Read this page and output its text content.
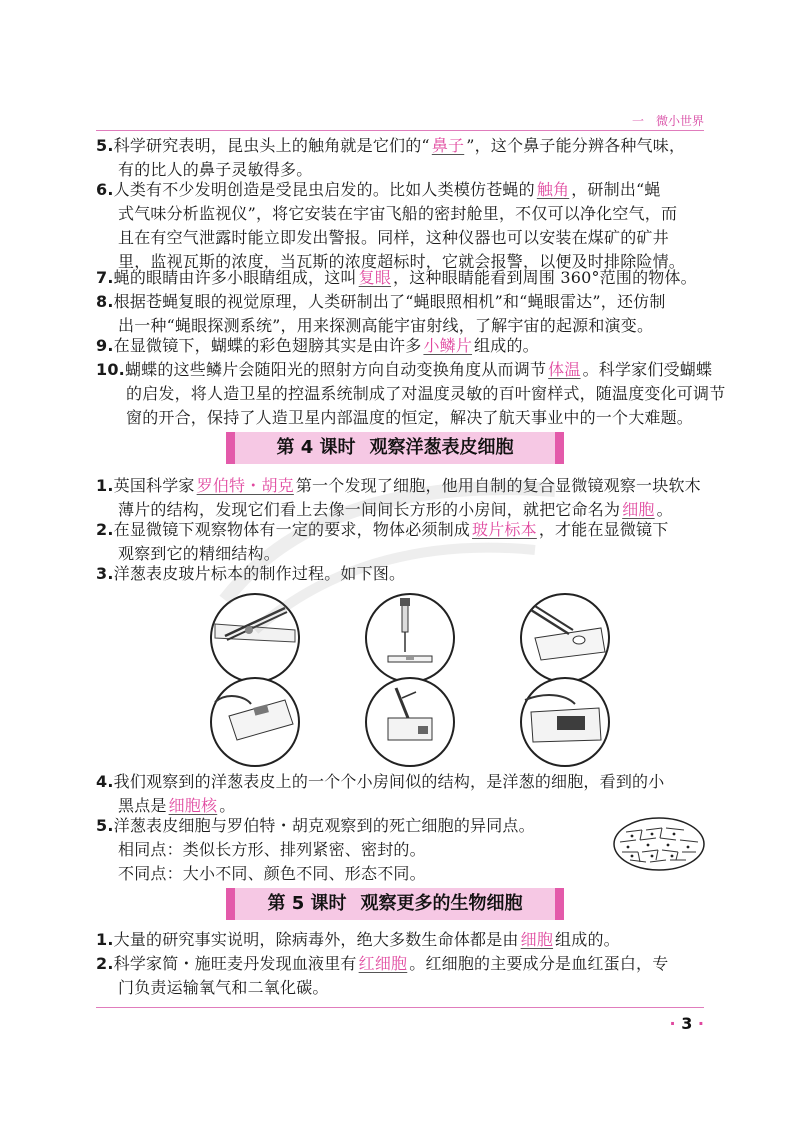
一　微小世界
5.科学研究表明，昆虫头上的触角就是它们的“ 鼻子 ”，这个鼻子能分辨各种气味，
有的比人的鼻子灵敏得多。
6.人类有不少发明创造是受昆虫启发的。比如人类模仿苍蝇的 触角 ，研制出“蝇
式气味分析监视仪”，将它安装在宇宙飞船的密封舱里，不仅可以净化空气，而
且在有空气泄露时能立即发出警报。同样，这种仪器也可以安装在煤矿的矿井
里，监视瓦斯的浓度，当瓦斯的浓度超标时，它就会报警，以便及时排除险情。
7.蝇的眼睛由许多小眼睛组成，这叫 复眼 ，这种眼睛能看到周围 360°范围的物体。
8.根据苍蝇复眼的视觉原理，人类研制出了“蝇眼照相机”和“蝇眼雷达”，还仿制
出一种“蝇眼探测系统”，用来探测高能宇宙射线，了解宇宙的起源和演变。
9.在显微镜下，蝴蝶的彩色翅膀其实是由许多 小鳞片 组成的。
10.蝴蝶的这些鳞片会随阳光的照射方向自动变换角度从而调节 体温 。科学家们受蝴蝶
的启发，将人造卫星的控温系统制成了对温度灵敏的百叶窗样式，随温度变化可调节
窗的开合，保持了人造卫星内部温度的恒定，解决了航天事业中的一个大难题。
第 4 课时 观察洋葱表皮细胞
1.英国科学家 罗伯特・胡克 第一个发现了细胞，他用自制的复合显微镜观察一块软木
薄片的结构，发现它们看上去像一间间长方形的小房间，就把它命名为 细胞 。
2.在显微镜下观察物体有一定的要求，物体必须制成 玻片标本 ，才能在显微镜下
观察到它的精细结构。
3.洋葱表皮玻片标本的制作过程。如下图。
4.我们观察到的洋葱表皮上的一个个小房间似的结构，是洋葱的细胞，看到的小
黑点是 细胞核 。
5.洋葱表皮细胞与罗伯特・胡克观察到的死亡细胞的异同点。
相同点：类似长方形、排列紧密、密封的。
不同点：大小不同、颜色不同、形态不同。
第 5 课时 观察更多的生物细胞
1.大量的研究事实说明，除病毒外，绝大多数生命体都是由 细胞 组成的。
2.科学家简・施旺麦丹发现血液里有 红细胞 。红细胞的主要成分是血红蛋白，专
门负责运输氧气和二氧化碳。
· 3 ·
